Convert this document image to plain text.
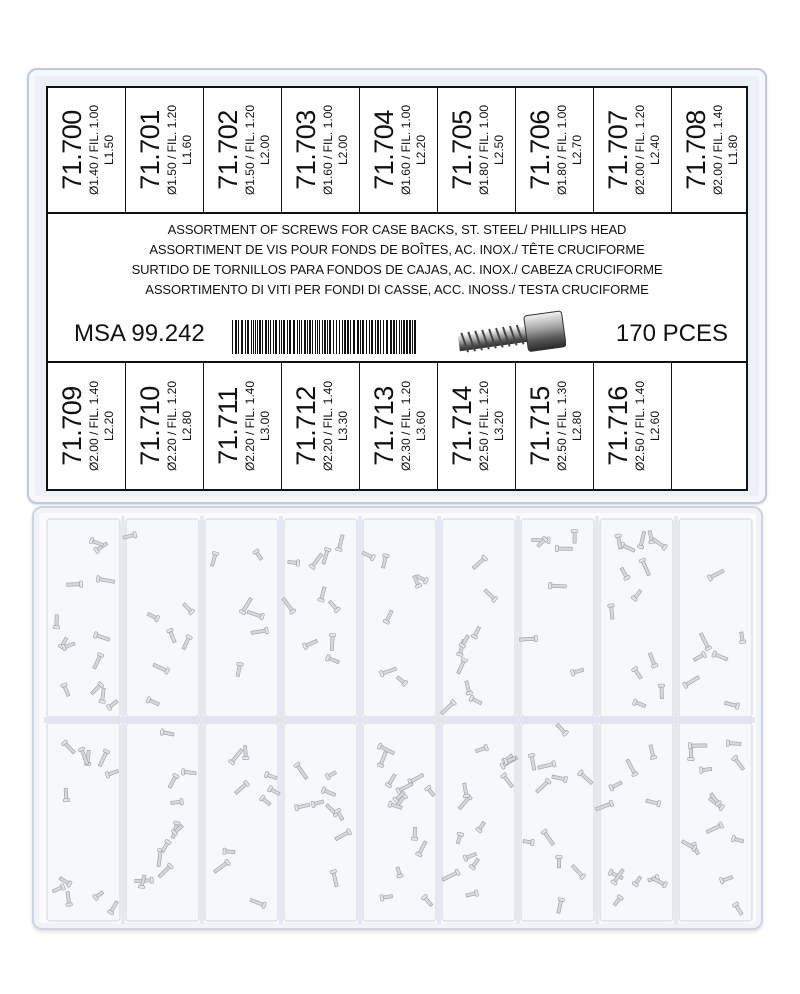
71.700 Ø1.40 / FIL. 1.00 L1.50 71.701 Ø1.50 / FIL. 1.20 L1.60 71.702 Ø1.50 / FIL. 1.20 L2.00 71.703 Ø1.60 / FIL. 1.00 L2.00 71.704 Ø1.60 / FIL. 1.00 L2.20 71.705 Ø1.80 / FIL. 1.00 L2.50 71.706 Ø1.80 / FIL. 1.00 L2.70 71.707 Ø2.00 / FIL. 1.20 L2.40 71.708 Ø2.00 / FIL. 1.40 L1.80
ASSORTMENT OF SCREWS FOR CASE BACKS, ST. STEEL/ PHILLIPS HEAD
ASSORTIMENT DE VIS POUR FONDS DE BOÎTES, AC. INOX./ TÊTE CRUCIFORME
SURTIDO DE TORNILLOS PARA FONDOS DE CAJAS, AC. INOX./ CABEZA CRUCIFORME
ASSORTIMENTO DI VITI PER FONDI DI CASSE, ACC. INOSS./ TESTA CRUCIFORME
MSA 99.242	170 PCES
71.709 Ø2.00 / FIL. 1.40 L2.20 71.710 Ø2.20 / FIL. 1.20 L2.80 71.711 Ø2.20 / FIL. 1.40 L3.00 71.712 Ø2.20 / FIL. 1.40 L3.30 71.713 Ø2.30 / FIL. 1.20 L3.60 71.714 Ø2.50 / FIL. 1.20 L3.20 71.715 Ø2.50 / FIL. 1.30 L2.80 71.716 Ø2.50 / FIL. 1.40 L2.60
